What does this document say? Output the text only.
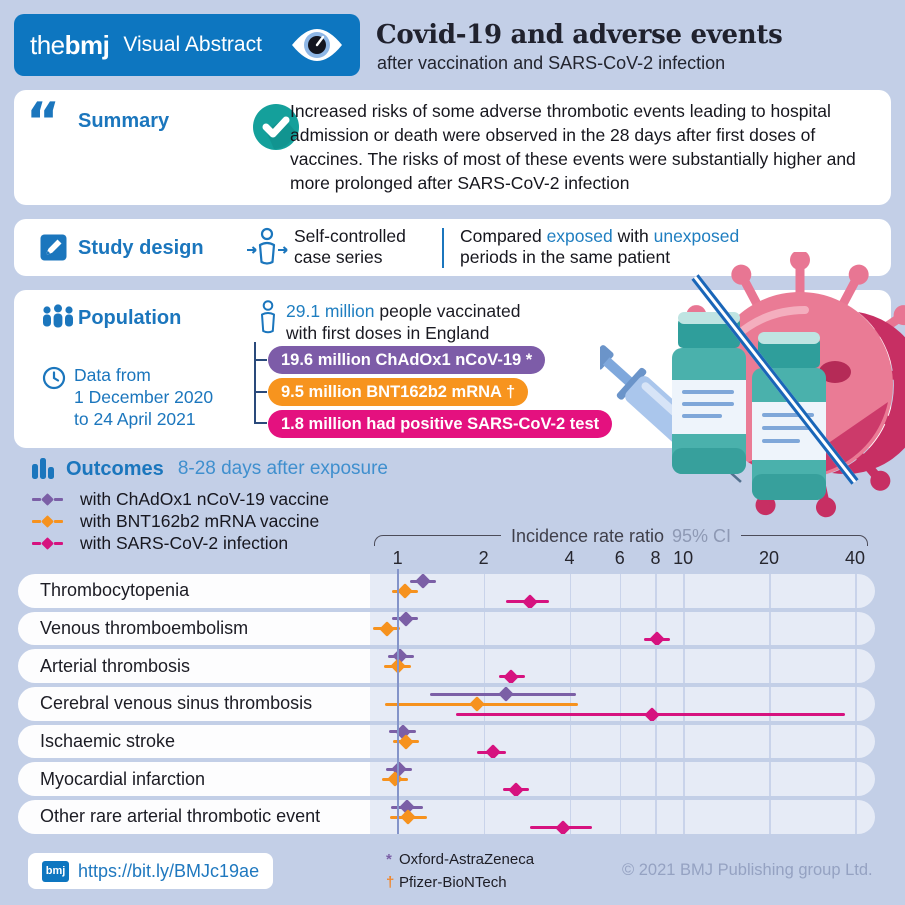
thebmj Visual Abstract	Covid-19 and adverse events
after vaccination and SARS-CoV-2 infection
“ Summary	Increased risks of some adverse thrombotic events leading to hospital admission or death were observed in the 28 days after first doses of vaccines. The risks of most of these events were substantially higher and more prolonged after SARS-CoV-2 infection
Study design
Self-controlled
case series
Compared exposed with unexposed
periods in the same patient
Population
Data from
1 December 2020
to 24 April 2021
29.1 million people vaccinated
with first doses in England
19.6 million ChAdOx1 nCoV-19 *
9.5 million BNT162b2 mRNA †
1.8 million had positive SARS-CoV-2 test
Outcomes 8-28 days after exposure
with ChAdOx1 nCoV-19 vaccine
with BNT162b2 mRNA vaccine
with SARS-CoV-2 infection	Incidence rate ratio 95% CI
1	2	4 6 8 10	20	40
Thrombocytopenia
Venous thromboembolism
Arterial thrombosis
Cerebral venous sinus thrombosis
Ischaemic stroke
Myocardial infarction
Other rare arterial thrombotic event
bmj https://bit.ly/BMJc19ae
* Oxford-AstraZeneca
† Pfizer-BioNTech
© 2021 BMJ Publishing group Ltd.
